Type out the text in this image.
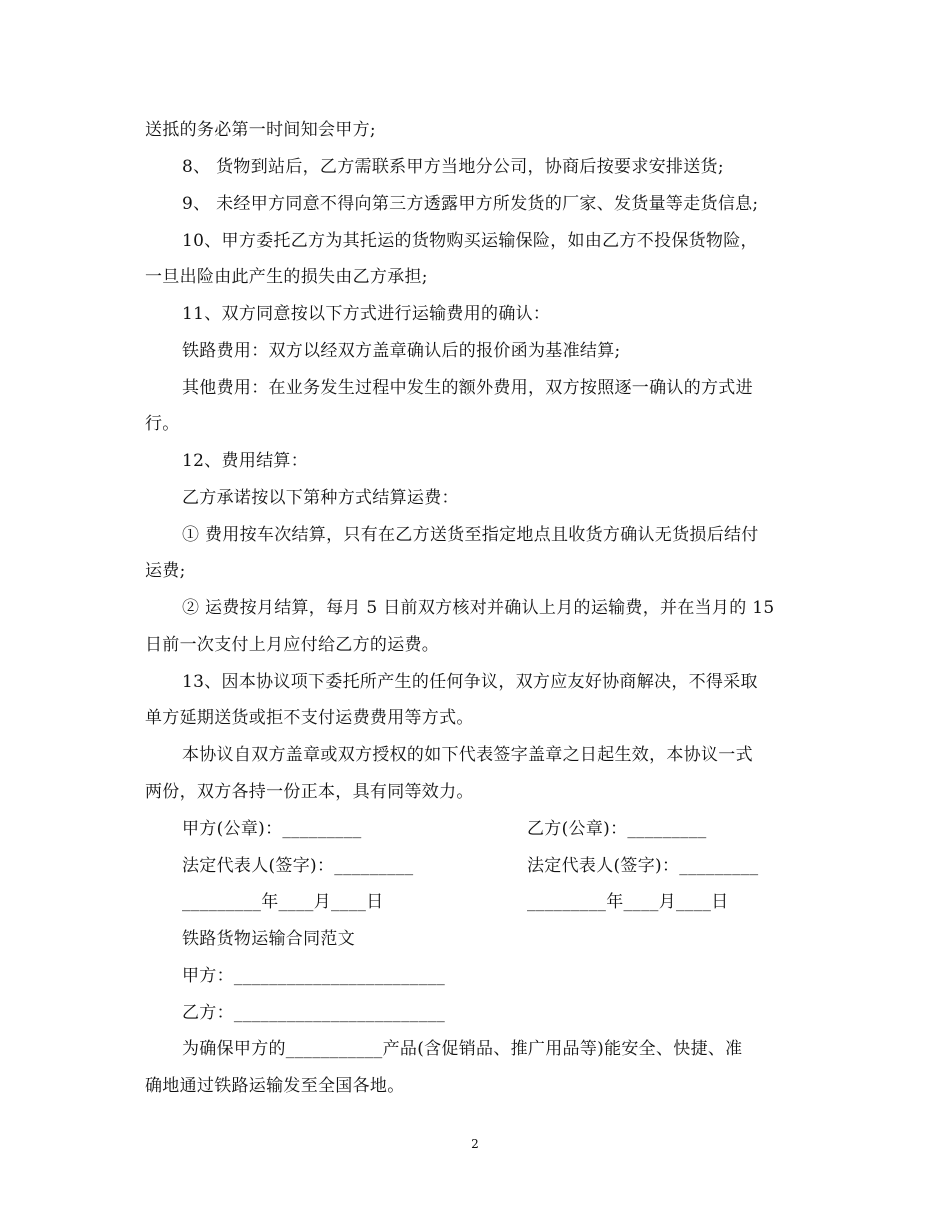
送抵的务必第一时间知会甲方;
8、 货物到站后，乙方需联系甲方当地分公司，协商后按要求安排送货;
9、 未经甲方同意不得向第三方透露甲方所发货的厂家、发货量等走货信息;
10、甲方委托乙方为其托运的货物购买运输保险，如由乙方不投保货物险，
一旦出险由此产生的损失由乙方承担;
11、双方同意按以下方式进行运输费用的确认：
铁路费用：双方以经双方盖章确认后的报价函为基准结算;
其他费用：在业务发生过程中发生的额外费用，双方按照逐一确认的方式进
行。
12、费用结算：
乙方承诺按以下第种方式结算运费：
① 费用按车次结算，只有在乙方送货至指定地点且收货方确认无货损后结付
运费;
② 运费按月结算，每月 5 日前双方核对并确认上月的运输费，并在当月的 15
日前一次支付上月应付给乙方的运费。
13、因本协议项下委托所产生的任何争议，双方应友好协商解决，不得采取
单方延期送货或拒不支付运费费用等方式。
本协议自双方盖章或双方授权的如下代表签字盖章之日起生效，本协议一式
两份，双方各持一份正本，具有同等效力。
甲方(公章)：_________	乙方(公章)：_________
法定代表人(签字)：_________	法定代表人(签字)：_________
_________年____月____日	_________年____月____日
铁路货物运输合同范文
甲方：________________________
乙方：________________________
为确保甲方的___________产品(含促销品、推广用品等)能安全、快捷、准
确地通过铁路运输发至全国各地。
2
